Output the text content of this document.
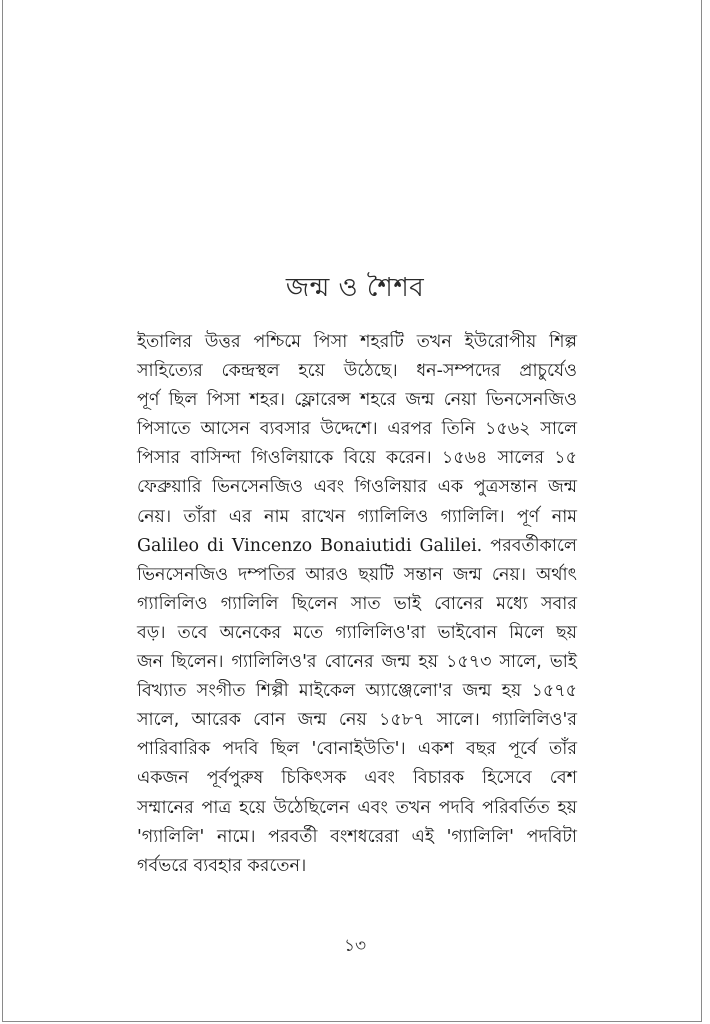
জন্ম ও শৈশব
ইতালির উত্তর পশ্চিমে পিসা শহরটি তখন ইউরোপীয় শিল্প
সাহিত্যের কেন্দ্রস্থল হয়ে উঠেছে। ধন-সম্পদের প্রাচুর্যেও
পূর্ণ ছিল পিসা শহর। ফ্লোরেন্স শহরে জন্ম নেয়া ভিনসেনজিও
পিসাতে আসেন ব্যবসার উদ্দেশে। এরপর তিনি ১৫৬২ সালে
পিসার বাসিন্দা গিওলিয়াকে বিয়ে করেন। ১৫৬৪ সালের ১৫
ফেব্রুয়ারি ভিনসেনজিও এবং গিওলিয়ার এক পুত্রসন্তান জন্ম
নেয়। তাঁরা এর নাম রাখেন গ্যালিলিও গ্যালিলি। পূর্ণ নাম
Galileo di Vincenzo Bonaiutidi Galilei. পরবর্তীকালে
ভিনসেনজিও দম্পতির আরও ছয়টি সন্তান জন্ম নেয়। অর্থাৎ
গ্যালিলিও গ্যালিলি ছিলেন সাত ভাই বোনের মধ্যে সবার
বড়। তবে অনেকের মতে গ্যালিলিও'রা ভাইবোন মিলে ছয়
জন ছিলেন। গ্যালিলিও'র বোনের জন্ম হয় ১৫৭৩ সালে, ভাই
বিখ্যাত সংগীত শিল্পী মাইকেল অ্যাঞ্জেলো'র জন্ম হয় ১৫৭৫
সালে, আরেক বোন জন্ম নেয় ১৫৮৭ সালে। গ্যালিলিও'র
পারিবারিক পদবি ছিল 'বোনাইউতি'। একশ বছর পূর্বে তাঁর
একজন পূর্বপুরুষ চিকিৎসক এবং বিচারক হিসেবে বেশ
সম্মানের পাত্র হয়ে উঠেছিলেন এবং তখন পদবি পরিবর্তিত হয়
'গ্যালিলি' নামে। পরবর্তী বংশধরেরা এই 'গ্যালিলি' পদবিটা
গর্বভরে ব্যবহার করতেন।
১৩
